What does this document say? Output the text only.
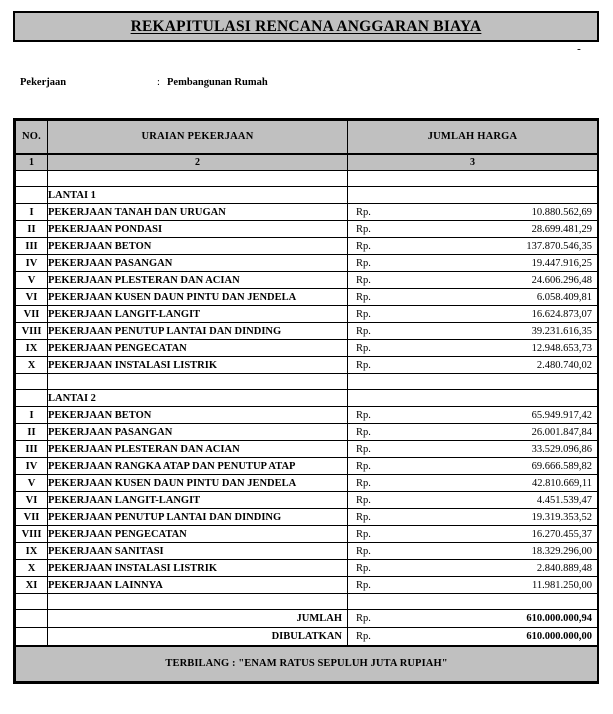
REKAPITULASI RENCANA ANGGARAN BIAYA
-
Pekerjaan	: Pembangunan Rumah
NO.	URAIAN PEKERJAAN	JUMLAH HARGA
1	2	3

	LANTAI 1	
I	PEKERJAAN TANAH DAN URUGAN	Rp. 10.880.562,69

II	PEKERJAAN PONDASI	Rp. 28.699.481,29

III	PEKERJAAN BETON	Rp. 137.870.546,35

IV	PEKERJAAN PASANGAN	Rp. 19.447.916,25

V	PEKERJAAN PLESTERAN DAN ACIAN	Rp. 24.606.296,48

VI	PEKERJAAN KUSEN DAUN PINTU DAN JENDELA	Rp. 6.058.409,81

VII	PEKERJAAN LANGIT-LANGIT	Rp. 16.624.873,07

VIII	PEKERJAAN PENUTUP LANTAI DAN DINDING	Rp. 39.231.616,35

IX	PEKERJAAN PENGECATAN	Rp. 12.948.653,73

X	PEKERJAAN INSTALASI LISTRIK	Rp. 2.480.740,02

	LANTAI 2	
I	PEKERJAAN BETON	Rp. 65.949.917,42

II	PEKERJAAN PASANGAN	Rp. 26.001.847,84

III	PEKERJAAN PLESTERAN DAN ACIAN	Rp. 33.529.096,86

IV	PEKERJAAN RANGKA ATAP DAN PENUTUP ATAP	Rp. 69.666.589,82

V	PEKERJAAN KUSEN DAUN PINTU DAN JENDELA	Rp. 42.810.669,11

VI	PEKERJAAN LANGIT-LANGIT	Rp. 4.451.539,47

VII	PEKERJAAN PENUTUP LANTAI DAN DINDING	Rp. 19.319.353,52

VIII	PEKERJAAN PENGECATAN	Rp. 16.270.455,37

IX	PEKERJAAN SANITASI	Rp. 18.329.296,00

X	PEKERJAAN INSTALASI LISTRIK	Rp. 2.840.889,48

XI	PEKERJAAN LAINNYA	Rp. 11.981.250,00

	JUMLAH	Rp. 610.000.000,94

	DIBULATKAN	Rp. 610.000.000,00

TERBILANG : "ENAM RATUS SEPULUH JUTA RUPIAH"		
